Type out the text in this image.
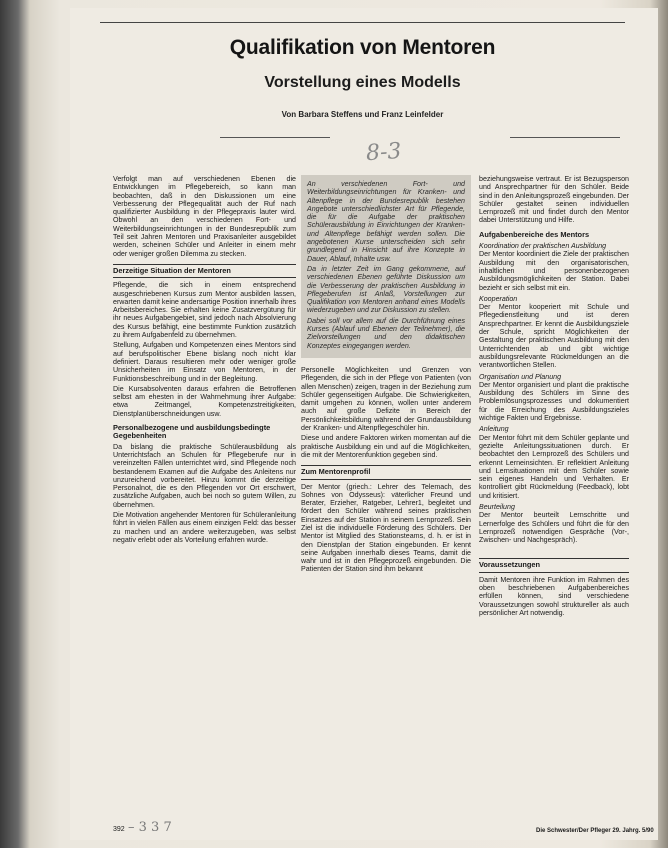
Qualifikation von Mentoren
Vorstellung eines Modells
Von Barbara Steffens und Franz Leinfelder
8-3

Verfolgt man auf verschiedenen Ebenen die Entwicklungen im Pflegebereich, so kann man beobachten, daß in den Diskussionen um eine Verbesserung der Pflegequalität auch der Ruf nach qualifizierter Ausbildung in der Pflegepraxis lauter wird. Obwohl an den verschiedenen Fort- und Weiterbildungseinrichtungen in der Bundesrepublik zum Teil seit Jahren Mentoren und Praxisanleiter ausgebildet werden, scheinen Schüler und Anleiter in einem mehr oder weniger großen Dilemma zu stecken.

Derzeitige Situation der Mentoren

Pflegende, die sich in einem entsprechend ausgeschriebenen Kursus zum Mentor ausbilden lassen, erwarten damit keine andersartige Position innerhalb ihres Arbeitsbereiches. Sie erhalten keine Zusatzvergütung für ihr neues Aufgabengebiet, sind jedoch nach Absolvierung des Kursus befähigt, eine bestimmte Funktion zusätzlich zu ihrem Aufgabenfeld zu übernehmen.

Stellung, Aufgaben und Kompetenzen eines Mentors sind auf berufspolitischer Ebene bislang noch nicht klar definiert. Daraus resultieren mehr oder weniger große Unsicherheiten im Einsatz von Mentoren, in der Funktionsbeschreibung und in der Begleitung.

Die Kursabsolventen daraus erfahren die Betroffenen selbst am ehesten in der Wahrnehmung ihrer Aufgabe: etwa Zeitmangel, Kompetenzstreitigkeiten, Dienstplanüberschneidungen usw.

Personalbezogene und ausbildungsbedingte Gegebenheiten

Da bislang die praktische Schülerausbildung als Unterrichtsfach an Schulen für Pflegeberufe nur in vereinzelten Fällen unterrichtet wird, sind Pflegende noch bestandenem Examen auf die Aufgabe des Anleitens nur unzureichend vorbereitet. Hinzu kommt die derzeitige Personalnot, die es den Pflegenden vor Ort erschwert, zusätzliche Aufgaben, auch bei noch so gutem Willen, zu übernehmen.

Die Motivation angehender Mentoren für Schüleranleitung führt in vielen Fällen aus einem einzigen Feld: das besser zu machen und an andere weiterzugeben, was selbst negativ erlebt oder als Vorteilung erfahren wurde.

An verschiedenen Fort- und Weiterbildungseinrichtungen für Kranken- und Altenpflege in der Bundesrepublik bestehen Angebote unterschiedlichster Art für Pflegende, die für die Aufgabe der praktischen Schülerausbildung in Einrichtungen der Kranken- und Altenpflege befähigt werden sollen. Die angebotenen Kurse unterscheiden sich sehr grundlegend in Hinsicht auf ihre Konzepte in Dauer, Ablauf, Inhalte usw.

Da in letzter Zeit im Gang gekommene, auf verschiedenen Ebenen geführte Diskussion um die Verbesserung der praktischen Ausbildung in Pflegeberufen ist Anlaß, Vorstellungen zur Qualifikation von Mentoren anhand eines Modells wiederzugeben und zur Diskussion zu stellen.

Dabei soll vor allem auf die Durchführung eines Kurses (Ablauf und Ebenen der Teilnehmer), die Zielvorstellungen und den didaktischen Konzeptes eingegangen werden.

Personelle Möglichkeiten und Grenzen von Pflegenden, die sich in der Pflege von Patienten (von allen Menschen) zeigen, tragen in der Beziehung zum Schüler gegenseitigen Aufgabe. Die Schwierigkeiten, damit umgehen zu können, wollen unter anderem auch auf große Defizite in Bereich der Persönlichkeitsbildung während der Grundausbildung der Kranken- und Altenpflegeschüler hin.

Diese und andere Faktoren wirken momentan auf die praktische Ausbildung ein und auf die Möglichkeiten, die mit der Mentorenfunktion gegeben sind.

Zum Mentorenprofil

Der Mentor (griech.: Lehrer des Telemach, des Sohnes von Odysseus): väterlicher Freund und Berater, Erzieher, Ratgeber, Lehrer1, begleitet und fördert den Schüler während seines praktischen Einsatzes auf der Station in seinem Lernprozeß. Sein Ziel ist die individuelle Förderung des Schülers. Der Mentor ist Mitglied des Stationsteams, d. h. er ist in den Dienstplan der Station eingebunden. Er kennt seine Aufgaben innerhalb dieses Teams, damit die wahr und ist in den Pflegeprozeß eingebunden. Die Patienten der Station sind ihm bekannt

beziehungsweise vertraut. Er ist Bezugsperson und Ansprechpartner für den Schüler. Beide sind in den Anleitungsprozeß eingebunden. Der Schüler gestaltet seinen individuellen Lernprozeß mit und findet durch den Mentor dabei Unterstützung und Hilfe.

Aufgabenbereiche des Mentors
Koordination der praktischen Ausbildung

Der Mentor koordiniert die Ziele der praktischen Ausbildung mit den organisatorischen, inhaltlichen und personenbezogenen Ausbildungsmöglichkeiten der Station. Dabei bezieht er sich selbst mit ein.

Kooperation

Der Mentor kooperiert mit Schule und Pflegedienstleitung und ist deren Ansprechpartner. Er kennt die Ausbildungsziele der Schule, spricht Möglichkeiten der Gestaltung der praktischen Ausbildung mit den Unterrichtenden ab und gibt wichtige ausbildungsrelevante Rückmeldungen an die verantwortlichen Stellen.

Organisation und Planung

Der Mentor organisiert und plant die praktische Ausbildung des Schülers im Sinne des Problemlösungsprozesses und dokumentiert für die Erreichung des Ausbildungszieles wichtige Fakten und Ergebnisse.

Anleitung

Der Mentor führt mit dem Schüler geplante und gezielte Anleitungssituationen durch. Er beobachtet den Lernprozeß des Schülers und erkennt Lerneinsichten. Er reflektiert Anleitung und Lernsituationen mit dem Schüler sowie sein eigenes Handeln und Verhalten. Er kontrolliert gibt Rückmeldung (Feedback), lobt und kritisiert.

Beurteilung

Der Mentor beurteilt Lernschritte und Lernerfolge des Schülers und führt die für den Lernprozeß notwendigen Gespräche (Vor-, Zwischen- und Nachgespräch).

Voraussetzungen

Damit Mentoren ihre Funktion im Rahmen des oben beschriebenen Aufgabenbereiches erfüllen können, sind verschiedene Voraussetzungen sowohl struktureller als auch persönlicher Art notwendig.

392 – 3 3 7	Die Schwester/Der Pfleger 29. Jahrg. 5/90
